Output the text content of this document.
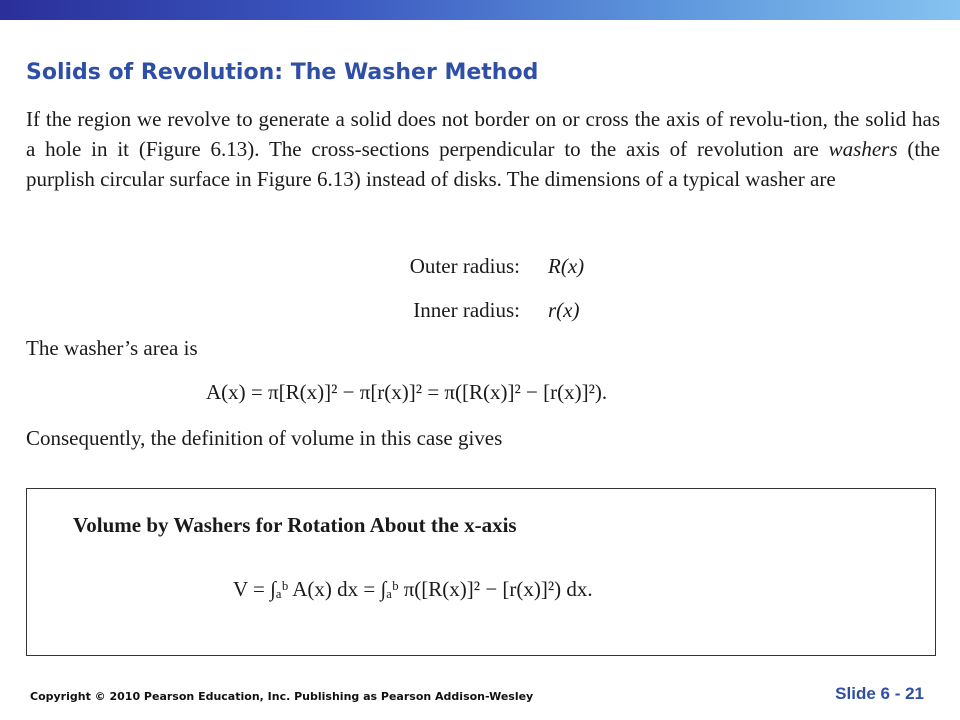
Solids of Revolution: The Washer Method
If the region we revolve to generate a solid does not border on or cross the axis of revolu-tion, the solid has a hole in it (Figure 6.13). The cross-sections perpendicular to the axis of revolution are washers (the purplish circular surface in Figure 6.13) instead of disks. The dimensions of a typical washer are
Outer radius: R(x)
Inner radius: r(x)
The washer’s area is
A(x) = π[R(x)]² − π[r(x)]² = π([R(x)]² − [r(x)]²).
Consequently, the definition of volume in this case gives
Volume by Washers for Rotation About the x-axis
V = ∫ₐᵇ A(x) dx = ∫ₐᵇ π([R(x)]² − [r(x)]²) dx.
Copyright © 2010 Pearson Education, Inc. Publishing as Pearson Addison-Wesley	Slide 6 - 21
